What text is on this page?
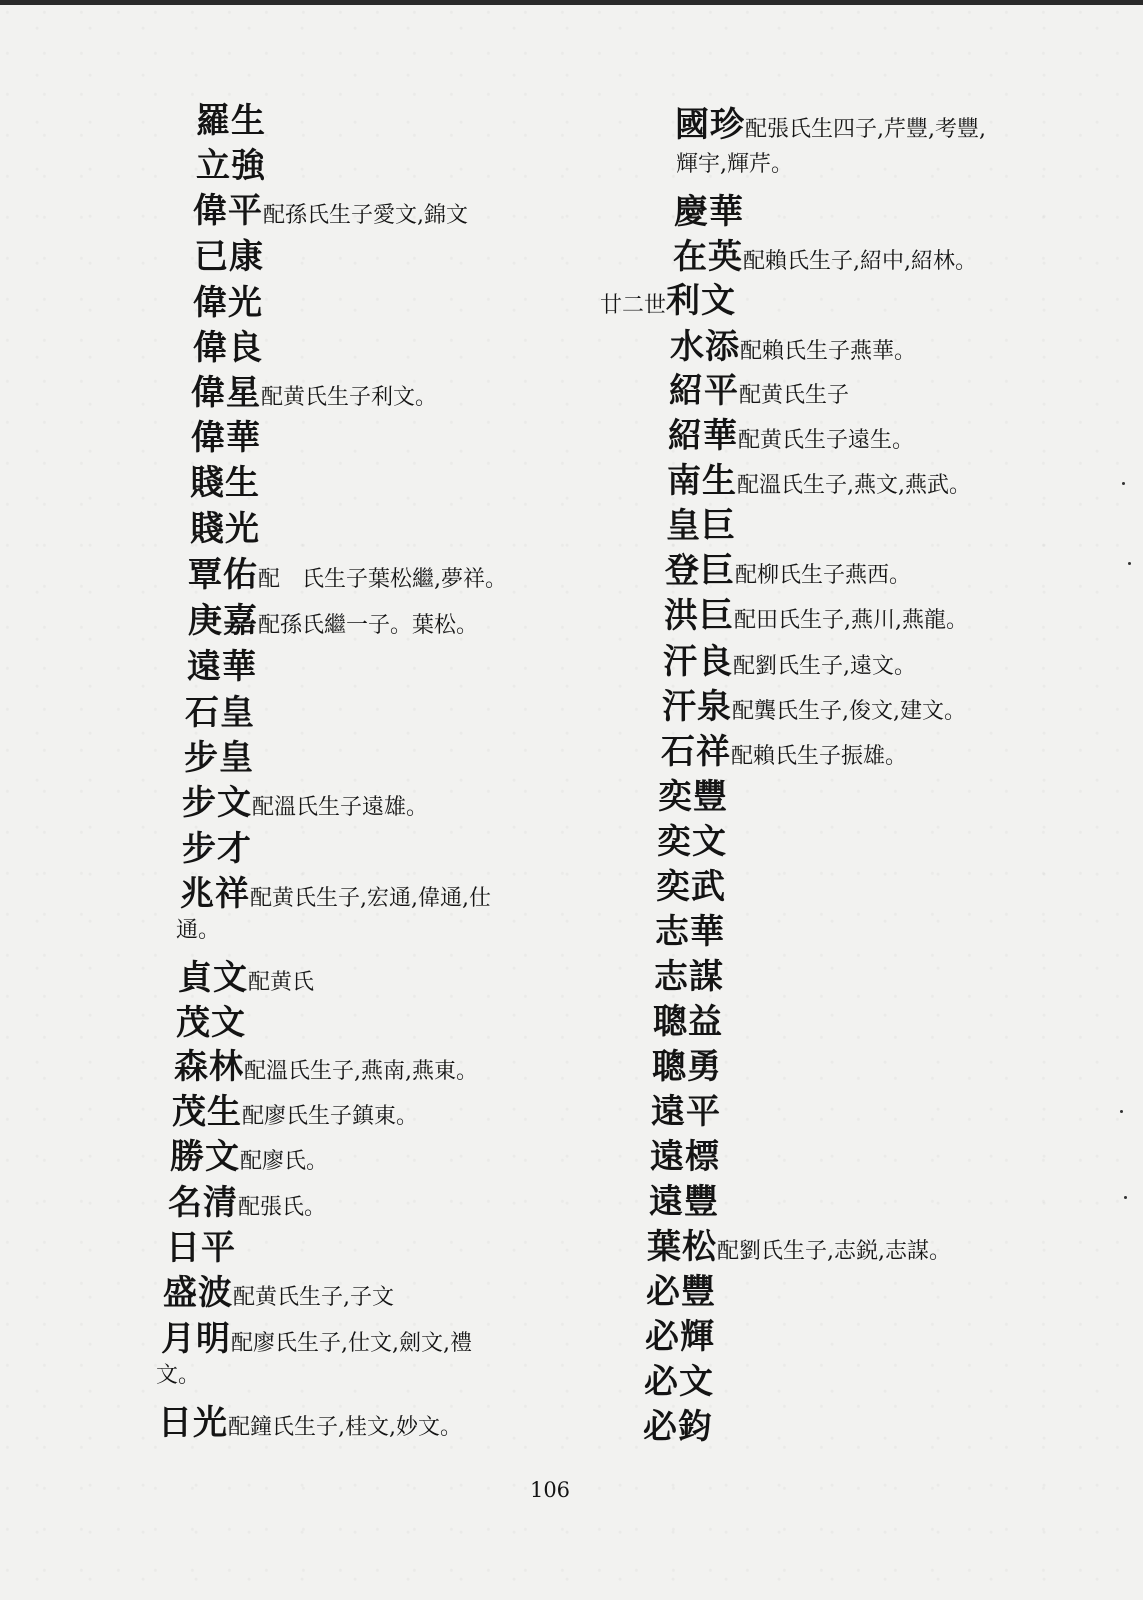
羅生
立強
偉平配孫氏生子愛文,錦文
已康
偉光
偉良
偉星配黄氏生子利文。
偉華
賤生
賤光
覃佑配　氏生子葉松繼,夢祥。
庚嘉配孫氏繼一子。葉松。
遠華
石皇
步皇
步文配溫氏生子遠雄。
步才
兆祥配黄氏生子,宏通,偉通,仕
通。
貞文配黄氏
茂文
森林配溫氏生子,燕南,燕東。
茂生配廖氏生子鎮東。
勝文配廖氏。
名清配張氏。
日平
盛波配黄氏生子,子文
月明配廖氏生子,仕文,劍文,禮
文。
日光配鐘氏生子,桂文,妙文。
國珍配張氏生四子,芹豐,考豐,
輝宇,輝芹。
慶華
在英配賴氏生子,紹中,紹林。
廿二世利文
水添配賴氏生子燕華。
紹平配黄氏生子
紹華配黄氏生子遠生。
南生配溫氏生子,燕文,燕武。
皇巨
登巨配柳氏生子燕西。
洪巨配田氏生子,燕川,燕龍。
汗良配劉氏生子,遠文。
汗泉配龔氏生子,俊文,建文。
石祥配賴氏生子振雄。
奕豐
奕文
奕武
志華
志謀
聰益
聰勇
遠平
遠標
遠豐
葉松配劉氏生子,志鋭,志謀。
必豐
必輝
必文
必鈞
106
